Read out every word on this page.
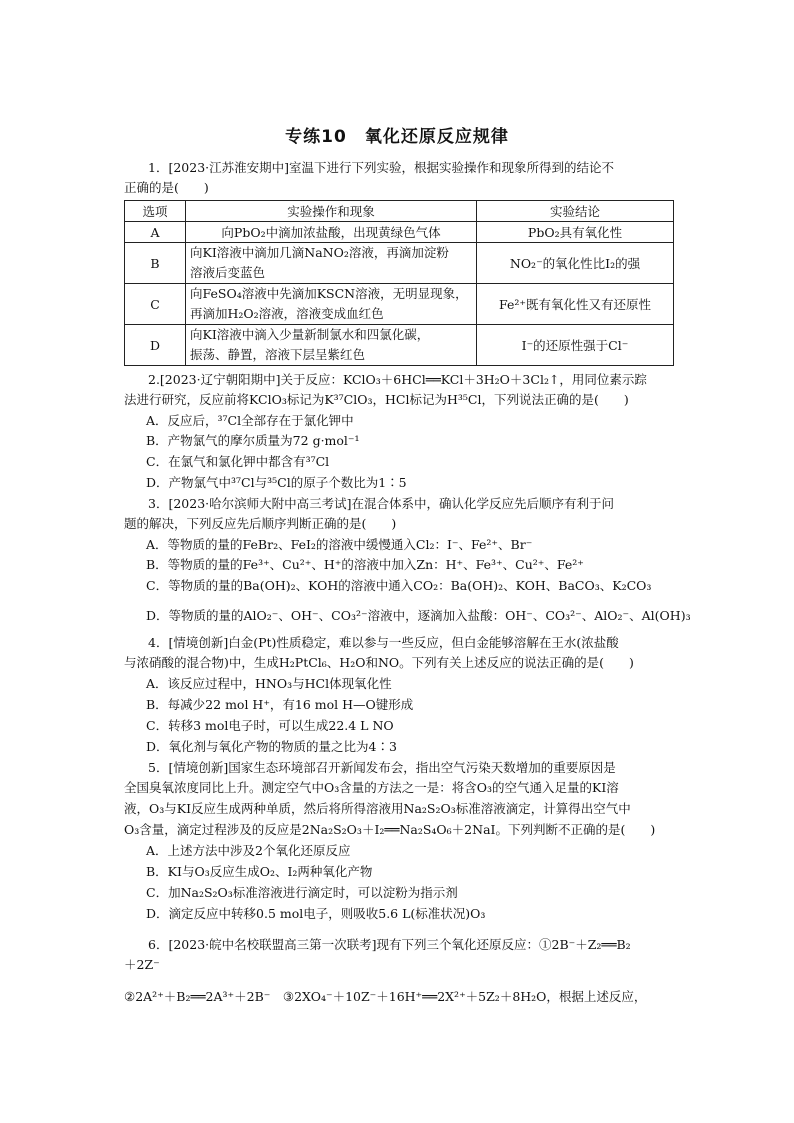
专练10　氧化还原反应规律
1．[2023·江苏淮安期中]室温下进行下列实验，根据实验操作和现象所得到的结论不
正确的是(　　)
选项	实验操作和现象	实验结论
A	向PbO₂中滴加浓盐酸，出现黄绿色气体	PbO₂具有氧化性
B	向KI溶液中滴加几滴NaNO₂溶液，再滴加淀粉
溶液后变蓝色	NO₂⁻的氧化性比I₂的强
C	向FeSO₄溶液中先滴加KSCN溶液，无明显现象，
再滴加H₂O₂溶液，溶液变成血红色	Fe²⁺既有氧化性又有还原性
D	向KI溶液中滴入少量新制氯水和四氯化碳，
振荡、静置，溶液下层呈紫红色	I⁻的还原性强于Cl⁻
2.[2023·辽宁朝阳期中]关于反应：KClO₃＋6HCl══KCl＋3H₂O＋3Cl₂↑，用同位素示踪
法进行研究，反应前将KClO₃标记为K³⁷ClO₃，HCl标记为H³⁵Cl，下列说法正确的是(　　)
A．反应后，³⁷Cl全部存在于氯化钾中
B．产物氯气的摩尔质量为72 g·mol⁻¹
C．在氯气和氯化钾中都含有³⁷Cl
D．产物氯气中³⁷Cl与³⁵Cl的原子个数比为1∶5
3．[2023·哈尔滨师大附中高三考试]在混合体系中，确认化学反应先后顺序有利于问
题的解决，下列反应先后顺序判断正确的是(　　)
A．等物质的量的FeBr₂、FeI₂的溶液中缓慢通入Cl₂：I⁻、Fe²⁺、Br⁻
B．等物质的量的Fe³⁺、Cu²⁺、H⁺的溶液中加入Zn：H⁺、Fe³⁺、Cu²⁺、Fe²⁺
C．等物质的量的Ba(OH)₂、KOH的溶液中通入CO₂：Ba(OH)₂、KOH、BaCO₃、K₂CO₃
D．等物质的量的AlO₂⁻、OH⁻、CO₃²⁻溶液中，逐滴加入盐酸：OH⁻、CO₃²⁻、AlO₂⁻、Al(OH)₃
4．[情境创新]白金(Pt)性质稳定，难以参与一些反应，但白金能够溶解在王水(浓盐酸
与浓硝酸的混合物)中，生成H₂PtCl₆、H₂O和NO。下列有关上述反应的说法正确的是(　　)
A．该反应过程中，HNO₃与HCl体现氧化性
B．每减少22 mol H⁺，有16 mol H—O键形成
C．转移3 mol电子时，可以生成22.4 L NO
D．氧化剂与氧化产物的物质的量之比为4∶3
5．[情境创新]国家生态环境部召开新闻发布会，指出空气污染天数增加的重要原因是
全国臭氧浓度同比上升。测定空气中O₃含量的方法之一是：将含O₃的空气通入足量的KI溶
液，O₃与KI反应生成两种单质，然后将所得溶液用Na₂S₂O₃标准溶液滴定，计算得出空气中
O₃含量，滴定过程涉及的反应是2Na₂S₂O₃＋I₂══Na₂S₄O₆＋2NaI。下列判断不正确的是(　　)
A．上述方法中涉及2个氧化还原反应
B．KI与O₃反应生成O₂、I₂两种氧化产物
C．加Na₂S₂O₃标准溶液进行滴定时，可以淀粉为指示剂
D．滴定反应中转移0.5 mol电子，则吸收5.6 L(标准状况)O₃
6．[2023·皖中名校联盟高三第一次联考]现有下列三个氧化还原反应：①2B⁻＋Z₂══B₂
＋2Z⁻
②2A²⁺＋B₂══2A³⁺＋2B⁻　③2XO₄⁻＋10Z⁻＋16H⁺══2X²⁺＋5Z₂＋8H₂O，根据上述反应，
